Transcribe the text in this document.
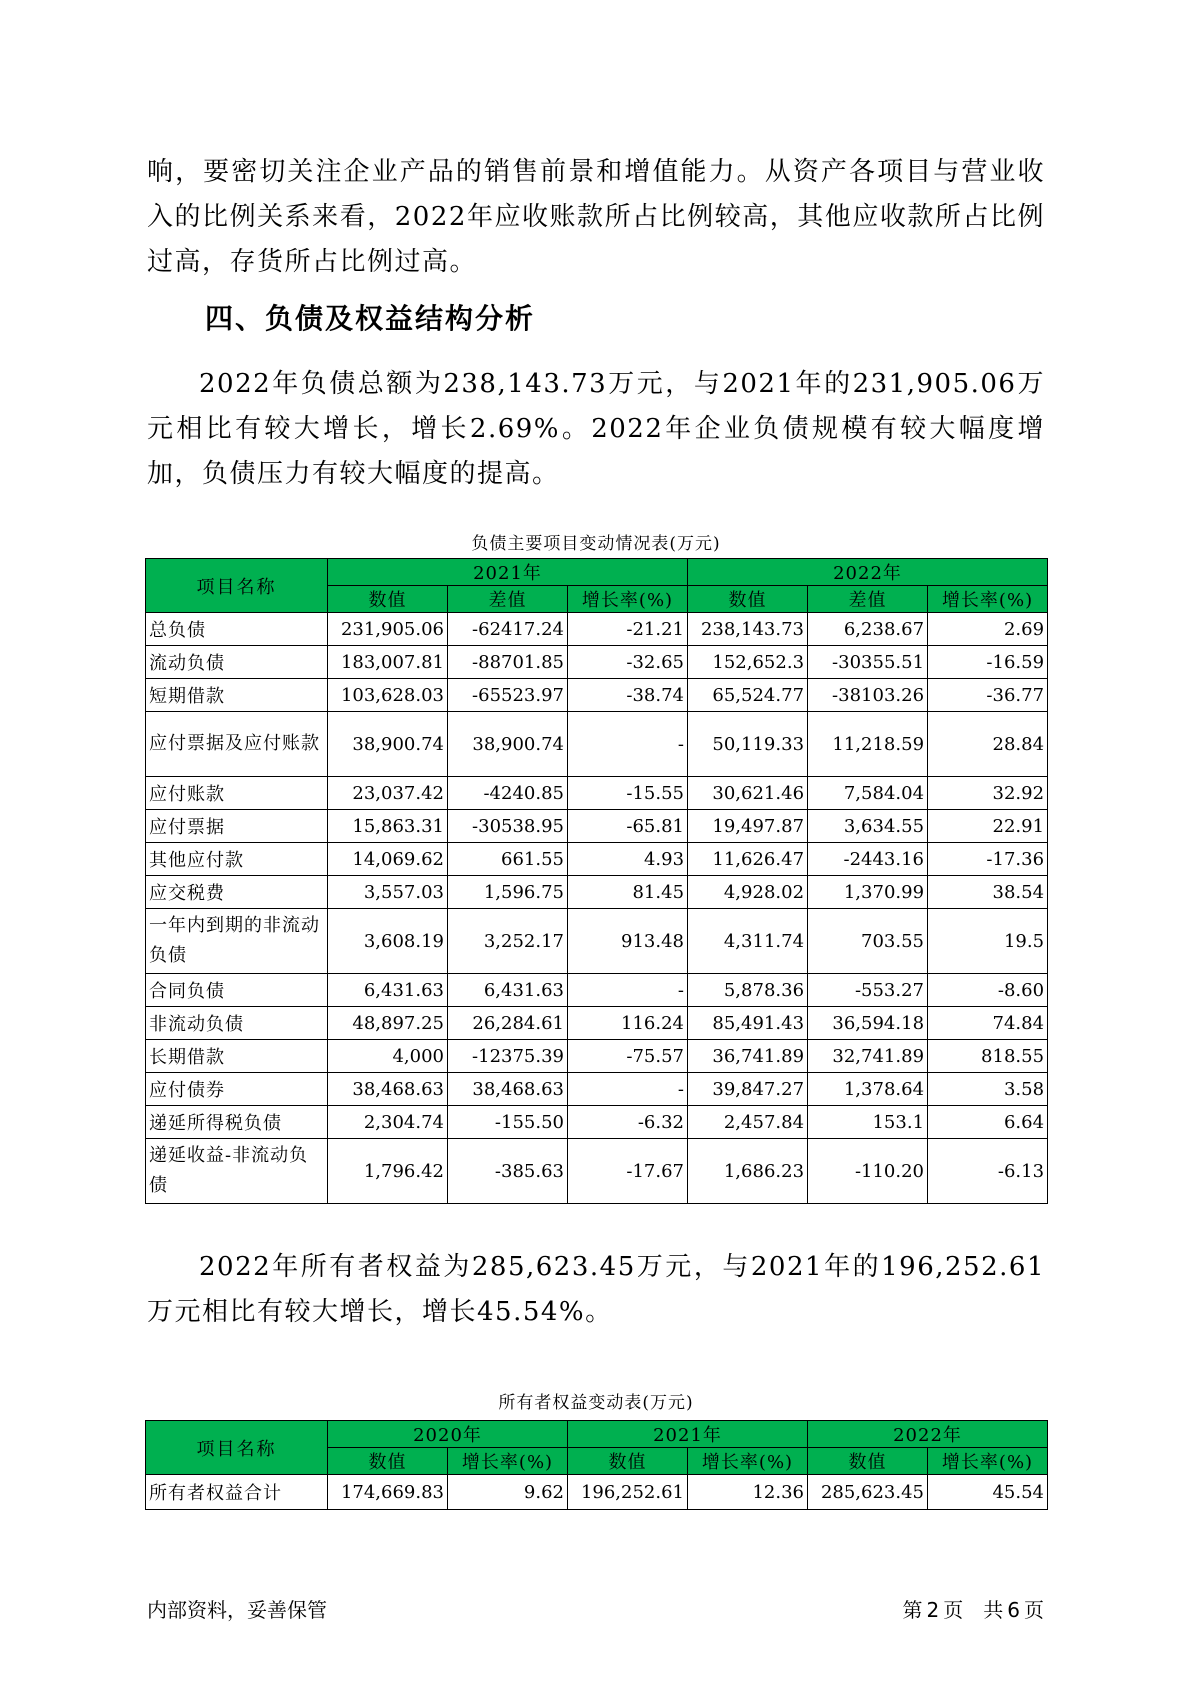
响，要密切关注企业产品的销售前景和增值能力。从资产各项目与营业收入的比例关系来看，2022年应收账款所占比例较高，其他应收款所占比例过高，存货所占比例过高。

四、负债及权益结构分析

2022年负债总额为238,143.73万元，与2021年的231,905.06万元相比有较大增长，增长2.69%。2022年企业负债规模有较大幅度增加，负债压力有较大幅度的提高。

负债主要项目变动情况表(万元)

项目名称	2021年			2022年		
	数值	差值	增长率(%)	数值	差值	增长率(%)
总负债	231,905.06	-62417.24	-21.21	238,143.73	6,238.67	2.69
流动负债	183,007.81	-88701.85	-32.65	152,652.3	-30355.51	-16.59
短期借款	103,628.03	-65523.97	-38.74	65,524.77	-38103.26	-36.77
应付票据及应付账款	38,900.74	38,900.74	-	50,119.33	11,218.59	28.84
应付账款	23,037.42	-4240.85	-15.55	30,621.46	7,584.04	32.92
应付票据	15,863.31	-30538.95	-65.81	19,497.87	3,634.55	22.91
其他应付款	14,069.62	661.55	4.93	11,626.47	-2443.16	-17.36
应交税费	3,557.03	1,596.75	81.45	4,928.02	1,370.99	38.54
一年内到期的非流动负债	3,608.19	3,252.17	913.48	4,311.74	703.55	19.5
合同负债	6,431.63	6,431.63	-	5,878.36	-553.27	-8.60
非流动负债	48,897.25	26,284.61	116.24	85,491.43	36,594.18	74.84
长期借款	4,000	-12375.39	-75.57	36,741.89	32,741.89	818.55
应付债券	38,468.63	38,468.63	-	39,847.27	1,378.64	3.58
递延所得税负债	2,304.74	-155.50	-6.32	2,457.84	153.1	6.64
递延收益-非流动负债	1,796.42	-385.63	-17.67	1,686.23	-110.20	-6.13

2022年所有者权益为285,623.45万元，与2021年的196,252.61万元相比有较大增长，增长45.54%。

所有者权益变动表(万元)

项目名称	2020年		2021年		2022年	
	数值	增长率(%)	数值	增长率(%)	数值	增长率(%)
所有者权益合计	174,669.83	9.62	196,252.61	12.36	285,623.45	45.54
内部资料，妥善保管	第 2 页　共 6 页
